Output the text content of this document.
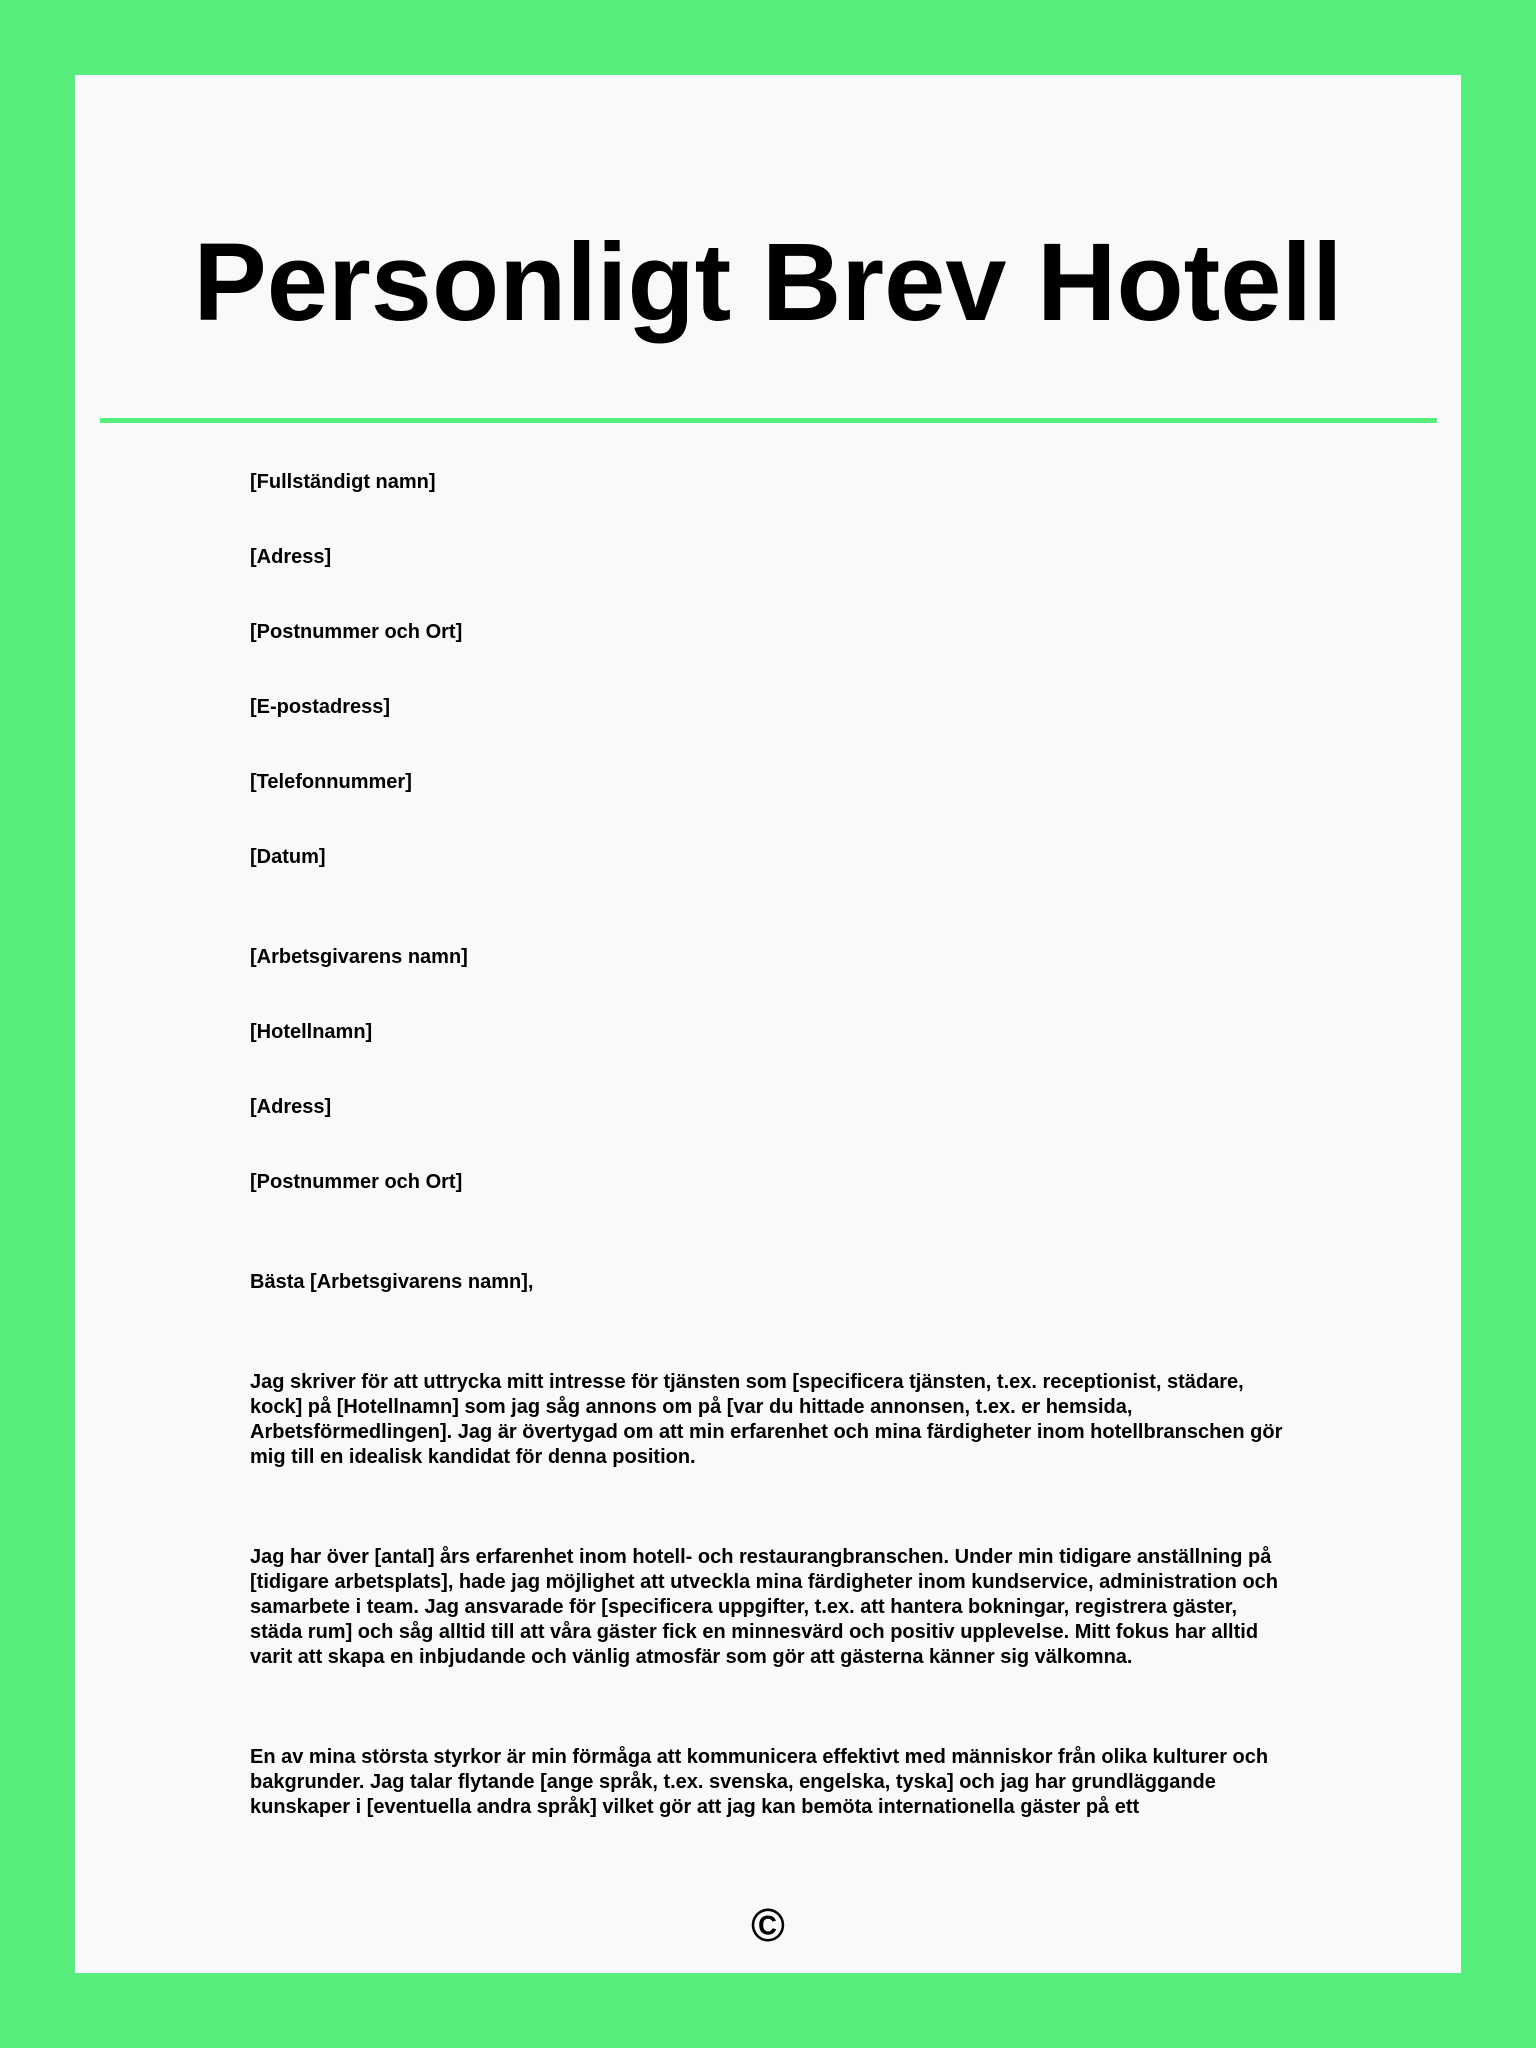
Personligt Brev Hotell

[Fullständigt namn]

[Adress]

[Postnummer och Ort]

[E-postadress]

[Telefonnummer]

[Datum]

[Arbetsgivarens namn]

[Hotellnamn]

[Adress]

[Postnummer och Ort]

Bästa [Arbetsgivarens namn],

Jag skriver för att uttrycka mitt intresse för tjänsten som [specificera tjänsten, t.ex. receptionist, städare, kock] på [Hotellnamn] som jag såg annons om på [var du hittade annonsen, t.ex. er hemsida, Arbetsförmedlingen]. Jag är övertygad om att min erfarenhet och mina färdigheter inom hotellbranschen gör mig till en idealisk kandidat för denna position.

Jag har över [antal] års erfarenhet inom hotell- och restaurangbranschen. Under min tidigare anställning på [tidigare arbetsplats], hade jag möjlighet att utveckla mina färdigheter inom kundservice, administration och samarbete i team. Jag ansvarade för [specificera uppgifter, t.ex. att hantera bokningar, registrera gäster, städa rum] och såg alltid till att våra gäster fick en minnesvärd och positiv upplevelse. Mitt fokus har alltid varit att skapa en inbjudande och vänlig atmosfär som gör att gästerna känner sig välkomna.

En av mina största styrkor är min förmåga att kommunicera effektivt med människor från olika kulturer och bakgrunder. Jag talar flytande [ange språk, t.ex. svenska, engelska, tyska] och jag har grundläggande kunskaper i [eventuella andra språk] vilket gör att jag kan bemöta internationella gäster på ett

©
